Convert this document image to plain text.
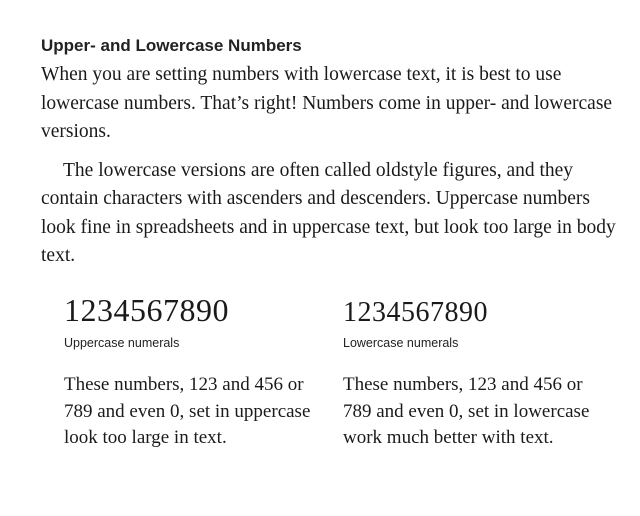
Upper- and Lowercase Numbers

When you are setting numbers with lowercase text, it is best to use lowercase numbers. That’s right! Numbers come in upper- and lowercase versions.

The lowercase versions are often called oldstyle figures, and they contain characters with ascenders and descenders. Uppercase numbers look fine in spreadsheets and in uppercase text, but look too large in body text.

1234567890
Uppercase numerals
These numbers, 123 and 456 or 789 and even 0, set in uppercase look too large in text.
1234567890
Lowercase numerals
These numbers, 123 and 456 or 789 and even 0, set in lowercase work much better with text.
